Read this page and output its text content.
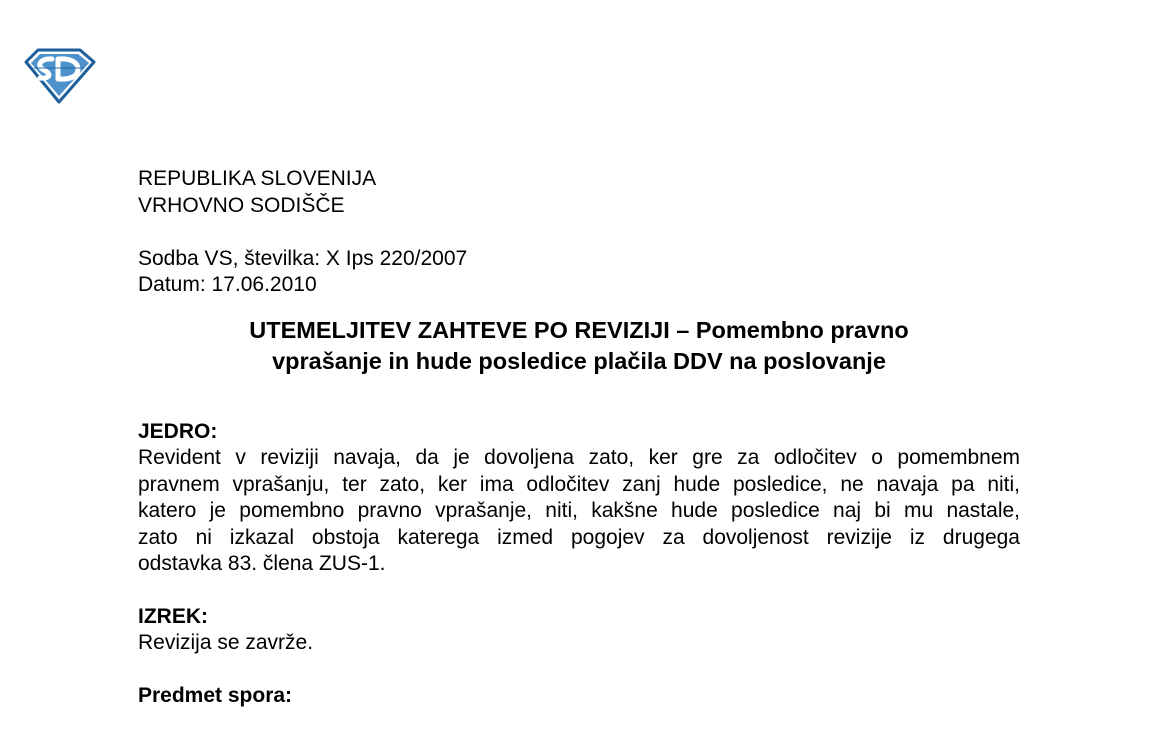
REPUBLIKA SLOVENIJA
VRHOVNO SODIŠČE
Sodba VS, številka: X Ips 220/2007
Datum: 17.06.2010
UTEMELJITEV ZAHTEVE PO REVIZIJI – Pomembno pravno
vprašanje in hude posledice plačila DDV na poslovanje
JEDRO:
Revident v reviziji navaja, da je dovoljena zato, ker gre za odločitev o pomembnem
pravnem vprašanju, ter zato, ker ima odločitev zanj hude posledice, ne navaja pa niti,
katero je pomembno pravno vprašanje, niti, kakšne hude posledice naj bi mu nastale,
zato ni izkazal obstoja katerega izmed pogojev za dovoljenost revizije iz drugega
odstavka 83. člena ZUS-1.
IZREK:
Revizija se zavrže.
Predmet spora:
